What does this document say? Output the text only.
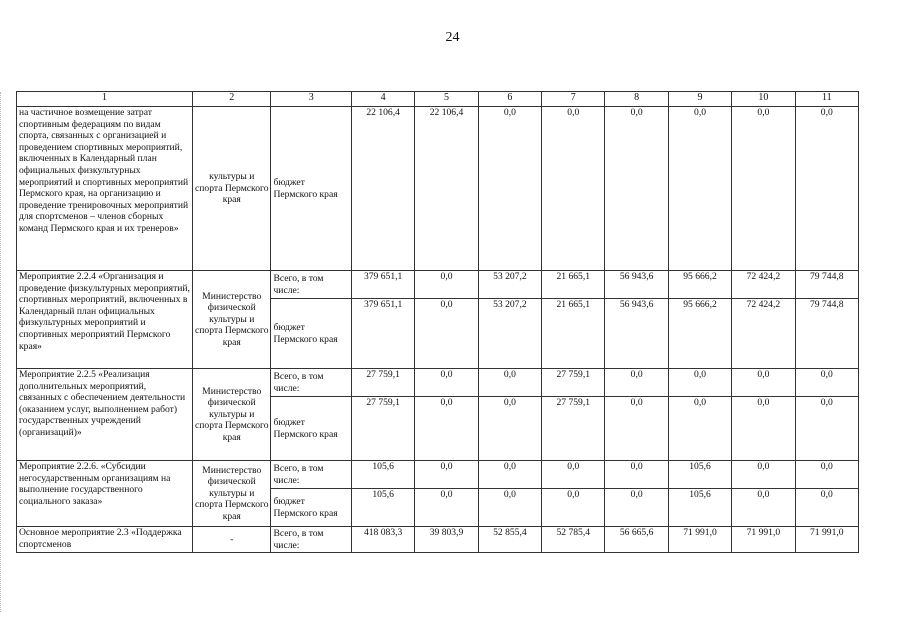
24
1	2	3	4	5	6	7	8	9	10	11
на частичное возмещение затрат спортивным федерациям по видам спорта, связанных с организацией и проведением спортивных мероприятий, включенных в Календарный план официальных физкультурных мероприятий и спортивных мероприятий Пермского края, на организацию и проведение тренировочных мероприятий для спортсменов – членов сборных команд Пермского края и их тренеров»	культуры и спорта Пермского края	бюджет Пермского края	22 106,4	22 106,4	0,0	0,0	0,0	0,0	0,0	0,0
Мероприятие 2.2.4 «Организация и проведение физкультурных мероприятий, спортивных мероприятий, включенных в Календарный план официальных физкультурных мероприятий и спортивных мероприятий Пермского края»	Министерство физической культуры и спорта Пермского края	Всего, в том числе:	379 651,1	0,0	53 207,2	21 665,1	56 943,6	95 666,2	72 424,2	79 744,8
		бюджет Пермского края	379 651,1	0,0	53 207,2	21 665,1	56 943,6	95 666,2	72 424,2	79 744,8
Мероприятие 2.2.5 «Реализация дополнительных мероприятий, связанных с обеспечением деятельности (оказанием услуг, выполнением работ) государственных учреждений (организаций)»	Министерство физической культуры и спорта Пермского края	Всего, в том числе:	27 759,1	0,0	0,0	27 759,1	0,0	0,0	0,0	0,0
		бюджет Пермского края	27 759,1	0,0	0,0	27 759,1	0,0	0,0	0,0	0,0
Мероприятие 2.2.6. «Субсидии негосударственным организациям на выполнение государственного социального заказа»	Министерство физической культуры и спорта Пермского края	Всего, в том числе:	105,6	0,0	0,0	0,0	0,0	105,6	0,0	0,0
		бюджет Пермского края	105,6	0,0	0,0	0,0	0,0	105,6	0,0	0,0
Основное мероприятие 2.3 «Поддержка спортсменов	-	Всего, в том числе:	418 083,3	39 803,9	52 855,4	52 785,4	56 665,6	71 991,0	71 991,0	71 991,0
